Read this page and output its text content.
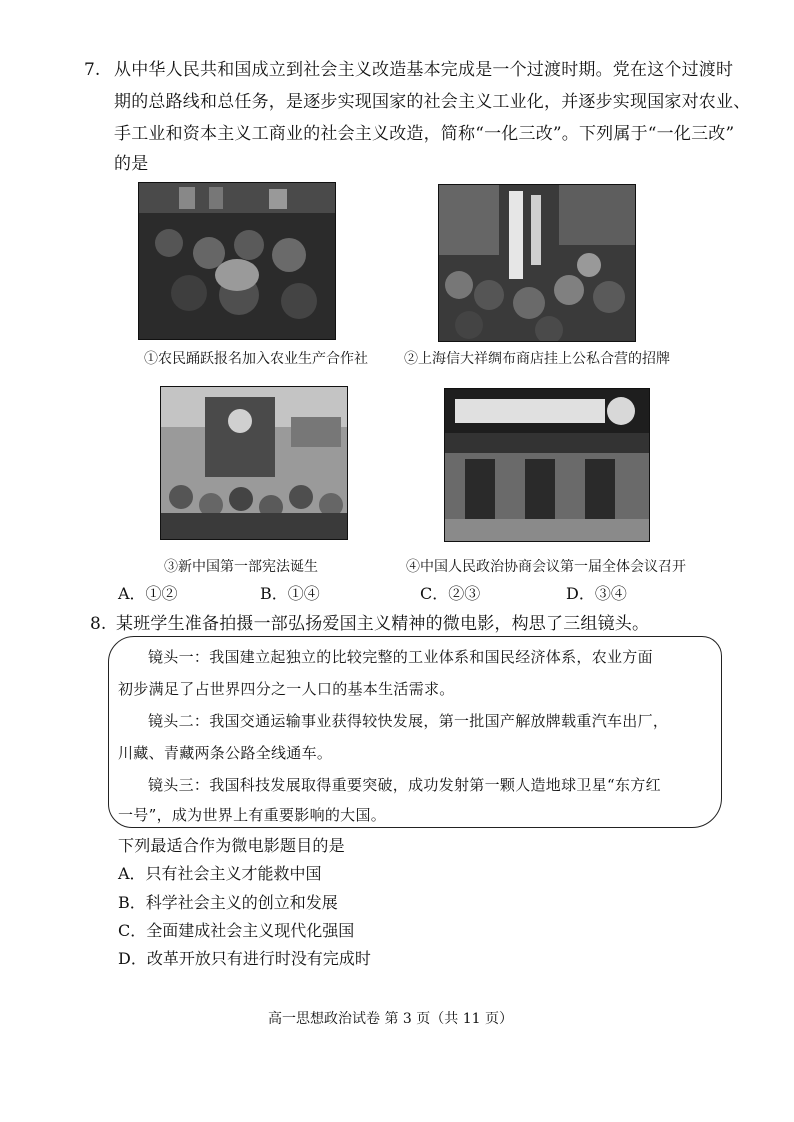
7. 从中华人民共和国成立到社会主义改造基本完成是一个过渡时期。党在这个过渡时
期的总路线和总任务，是逐步实现国家的社会主义工业化，并逐步实现国家对农业、
手工业和资本主义工商业的社会主义改造，简称“一化三改”。下列属于“一化三改”
的是
①农民踊跃报名加入农业生产合作社	②上海信大祥绸布商店挂上公私合营的招牌
③新中国第一部宪法诞生	④中国人民政治协商会议第一届全体会议召开
A．①②	B．①④	C．②③	D．③④
8. 某班学生准备拍摄一部弘扬爱国主义精神的微电影，构思了三组镜头。
镜头一：我国建立起独立的比较完整的工业体系和国民经济体系，农业方面
初步满足了占世界四分之一人口的基本生活需求。
镜头二：我国交通运输事业获得较快发展，第一批国产解放牌载重汽车出厂，
川藏、青藏两条公路全线通车。
镜头三：我国科技发展取得重要突破，成功发射第一颗人造地球卫星“东方红
一号”，成为世界上有重要影响的大国。
下列最适合作为微电影题目的是
A．只有社会主义才能救中国
B．科学社会主义的创立和发展
C．全面建成社会主义现代化强国
D．改革开放只有进行时没有完成时
高一思想政治试卷 第 3 页（共 11 页）
